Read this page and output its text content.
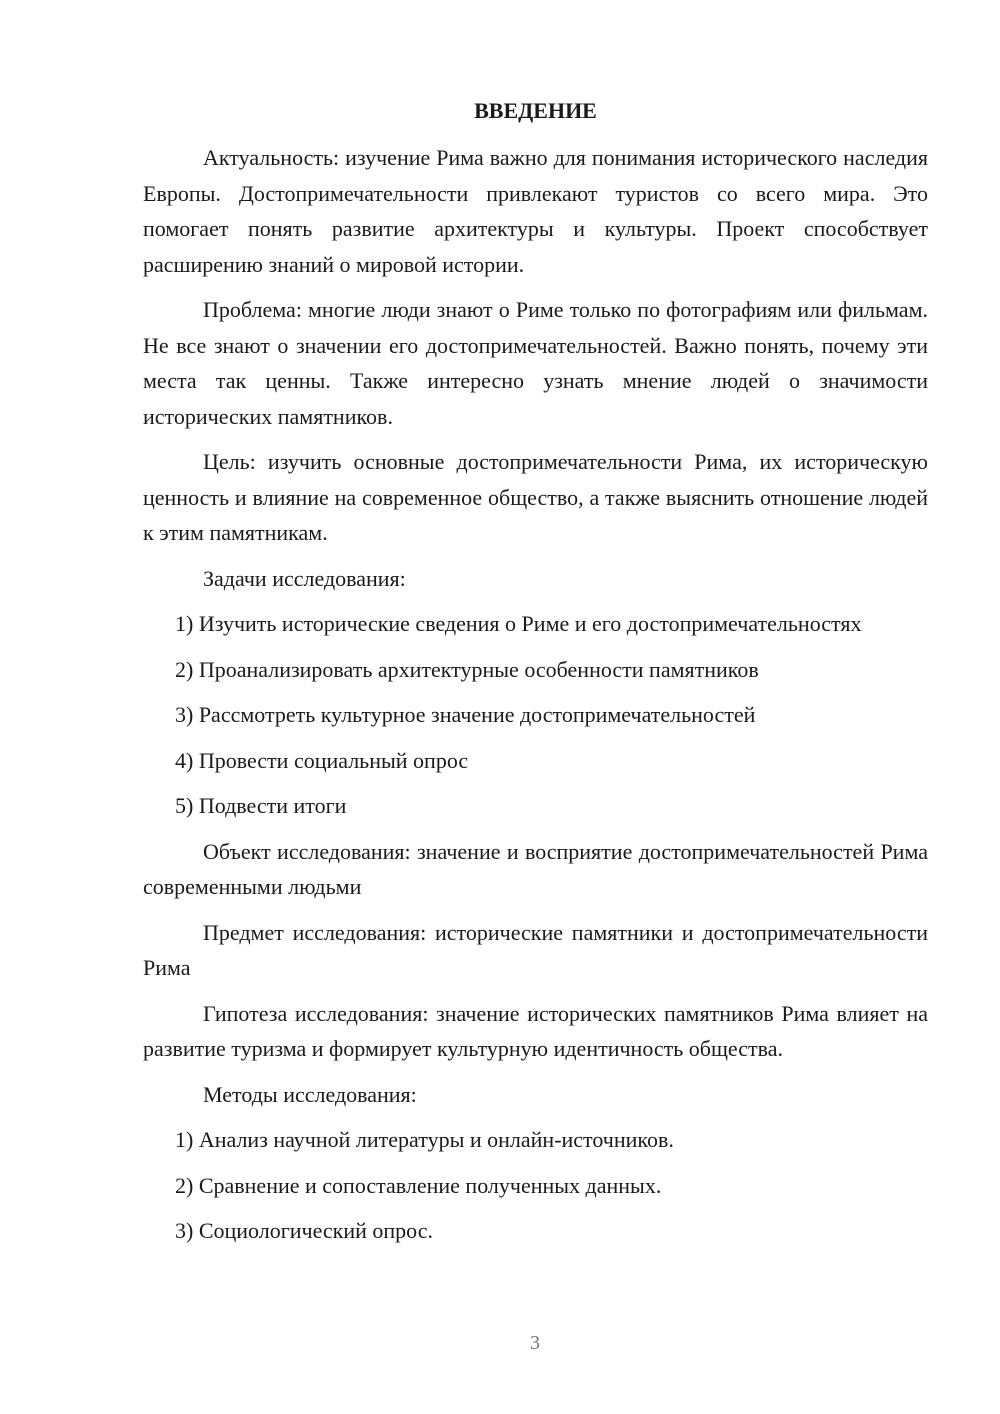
ВВЕДЕНИЕ

Актуальность: изучение Рима важно для понимания исторического наследия Европы. Достопримечательности привлекают туристов со всего мира. Это помогает понять развитие архитектуры и культуры. Проект способствует расширению знаний о мировой истории.

Проблема: многие люди знают о Риме только по фотографиям или фильмам. Не все знают о значении его достопримечательностей. Важно понять, почему эти места так ценны. Также интересно узнать мнение людей о значимости исторических памятников.

Цель: изучить основные достопримечательности Рима, их историческую ценность и влияние на современное общество, а также выяснить отношение людей к этим памятникам.

Задачи исследования:

1) Изучить исторические сведения о Риме и его достопримечательностях

2) Проанализировать архитектурные особенности памятников

3) Рассмотреть культурное значение достопримечательностей

4) Провести социальный опрос

5) Подвести итоги

Объект исследования: значение и восприятие достопримечательностей Рима современными людьми

Предмет исследования: исторические памятники и достопримечательности Рима

Гипотеза исследования: значение исторических памятников Рима влияет на развитие туризма и формирует культурную идентичность общества.

Методы исследования:

1) Анализ научной литературы и онлайн-источников.

2) Сравнение и сопоставление полученных данных.

3) Социологический опрос.

3
